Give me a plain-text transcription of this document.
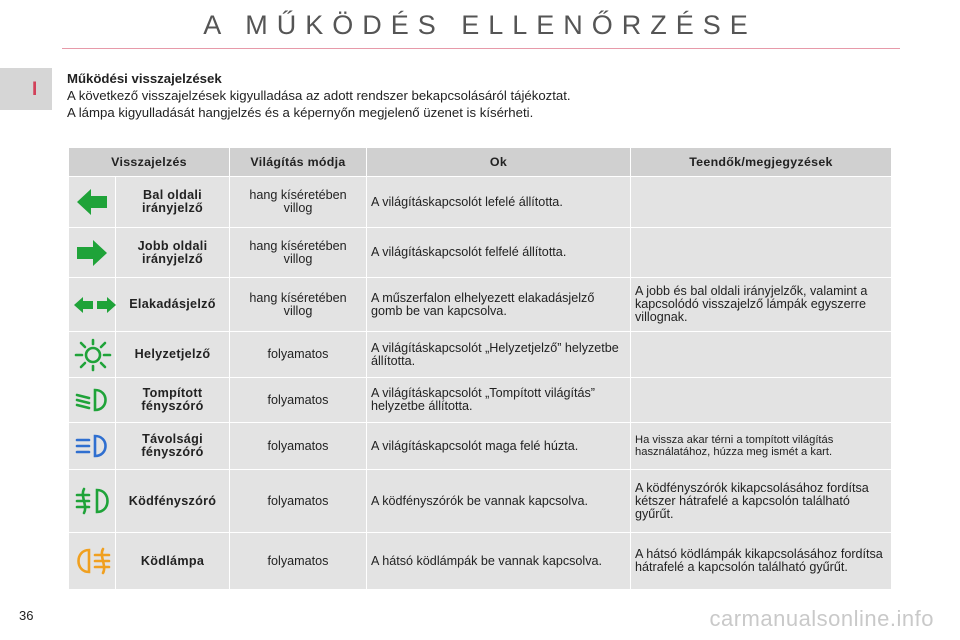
A MŰKÖDÉS ELLENŐRZÉSE
I

Működési visszajelzések

A következő visszajelzések kigyulladása az adott rendszer bekapcsolásáról tájékoztat.

A lámpa kigyulladását hangjelzés és a képernyőn megjelenő üzenet is kísérheti.

Visszajelzés		Világítás módja	Ok	Teendők/megjegyzések
	Bal oldali irányjelző	hang kíséretében villog	A világításkapcsolót lefelé állította.	
	Jobb oldali irányjelző	hang kíséretében villog	A világításkapcsolót felfelé állította.	
	Elakadásjelző	hang kíséretében villog	A műszerfalon elhelyezett elakadásjelző gomb be van kapcsolva.	A jobb és bal oldali irányjelzők, valamint a kapcsolódó visszajelző lámpák egyszerre villognak.
	Helyzetjelző	folyamatos	A világításkapcsolót „Helyzetjelző” helyzetbe állította.	
	Tompított fényszóró	folyamatos	A világításkapcsolót „Tompított világítás” helyzetbe állította.	
	Távolsági fényszóró	folyamatos	A világításkapcsolót maga felé húzta.	Ha vissza akar térni a tompított világítás használatához, húzza meg ismét a kart.
	Ködfényszóró	folyamatos	A ködfényszórók be vannak kapcsolva.	A ködfényszórók kikapcsolásához fordítsa kétszer hátrafelé a kapcsolón található gyűrűt.
	Ködlámpa	folyamatos	A hátsó ködlámpák be vannak kapcsolva.	A hátsó ködlámpák kikapcsolásához fordítsa hátrafelé a kapcsolón található gyűrűt.
36	carmanualsonline.info
